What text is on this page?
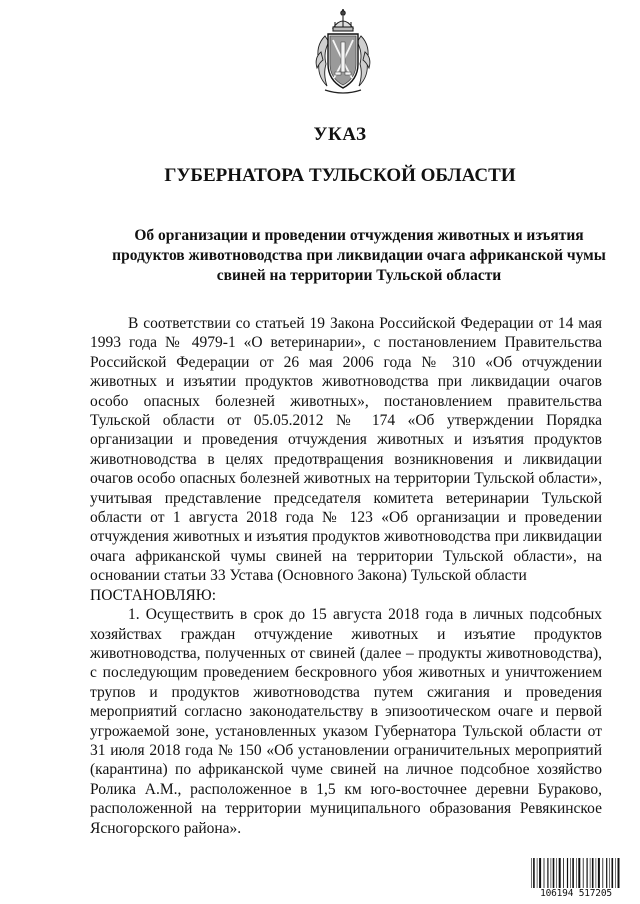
УКАЗ
ГУБЕРНАТОРА ТУЛЬСКОЙ ОБЛАСТИ
Об организации и проведении отчуждения животных и изъятия продуктов животноводства при ликвидации очага африканской чумы свиней на территории Тульской области

В соответствии со статьей 19 Закона Российской Федерации от 14 мая 1993 года № 4979-1 «О ветеринарии», с постановлением Правительства Российской Федерации от 26 мая 2006 года № 310 «Об отчуждении животных и изъятии продуктов животноводства при ликвидации очагов особо опасных болезней животных», постановлением правительства Тульской области от 05.05.2012 № 174 «Об утверждении Порядка организации и проведения отчуждения животных и изъятия продуктов животноводства в целях предотвращения возникновения и ликвидации очагов особо опасных болезней животных на территории Тульской области», учитывая представление председателя комитета ветеринарии Тульской области от 1 августа 2018 года № 123 «Об организации и проведении отчуждения животных и изъятия продуктов животноводства при ликвидации очага африканской чумы свиней на территории Тульской области», на основании статьи 33 Устава (Основного Закона) Тульской области

ПОСТАНОВЛЯЮ:

1. Осуществить в срок до 15 августа 2018 года в личных подсобных хозяйствах граждан отчуждение животных и изъятие продуктов животноводства, полученных от свиней (далее – продукты животноводства), с последующим проведением бескровного убоя животных и уничтожением трупов и продуктов животноводства путем сжигания и проведения мероприятий согласно законодательству в эпизоотическом очаге и первой угрожаемой зоне, установленных указом Губернатора Тульской области от 31 июля 2018 года № 150 «Об установлении ограничительных мероприятий (карантина) по африканской чуме свиней на личное подсобное хозяйство Ролика А.М., расположенное в 1,5 км юго-восточнее деревни Бураково, расположенной на территории муниципального образования Ревякинское Ясногорского района».

106194 517205
